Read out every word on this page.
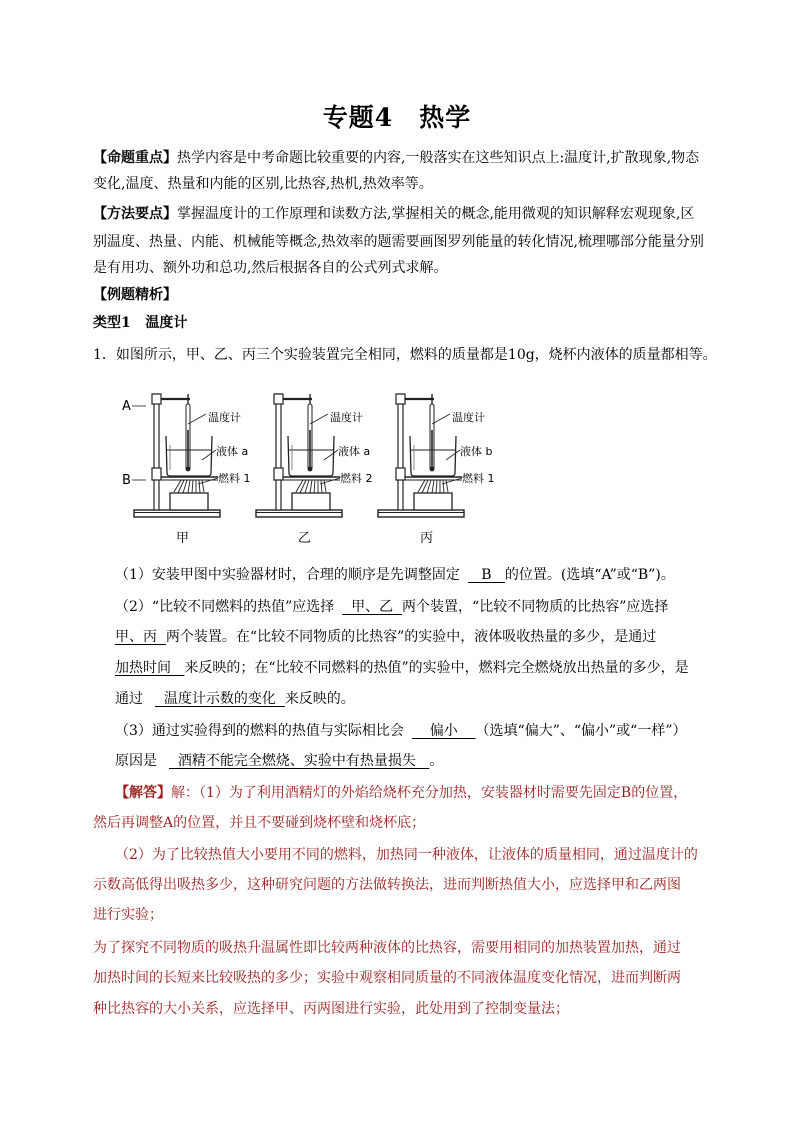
专题4 热学
【命题重点】热学内容是中考命题比较重要的内容,一般落实在这些知识点上:温度计,扩散现象,物态
变化,温度、热量和内能的区别,比热容,热机,热效率等。
【方法要点】掌握温度计的工作原理和读数方法,掌握相关的概念,能用微观的知识解释宏观现象,区
别温度、热量、内能、机械能等概念,热效率的题需要画图罗列能量的转化情况,梳理哪部分能量分别
是有用功、额外功和总功,然后根据各自的公式列式求解。
【例题精析】
类型1   温度计
1．如图所示，甲、乙、丙三个实验装置完全相同，燃料的质量都是10g，烧杯内液体的质量都相等。
A
B
温度计
液体 a
燃料 1
甲
温度计
液体 a
燃料 2
乙
温度计
液体 b
燃料 1
丙
（1）安装甲图中实验器材时，合理的顺序是先调整固定 B 的位置。(选填“A”或“B”)。
（2）“比较不同燃料的热值”应选择 甲、乙 两个装置，“比较不同物质的比热容”应选择
甲、丙 两个装置。在“比较不同物质的比热容”的实验中，液体吸收热量的多少，是通过
加热时间 来反映的；在“比较不同燃料的热值”的实验中，燃料完全燃烧放出热量的多少，是
通过 温度计示数的变化 来反映的。
（3）通过实验得到的燃料的热值与实际相比会 偏小 （选填“偏大”、“偏小”或“一样”）
原因是 酒精不能完全燃烧、实验中有热量损失 。
【解答】解：（1）为了利用酒精灯的外焰给烧杯充分加热，安装器材时需要先固定B的位置，
然后再调整A的位置，并且不要碰到烧杯壁和烧杯底；
（2）为了比较热值大小要用不同的燃料，加热同一种液体，让液体的质量相同，通过温度计的
示数高低得出吸热多少，这种研究问题的方法做转换法，进而判断热值大小，应选择甲和乙两图
进行实验；
为了探究不同物质的吸热升温属性即比较两种液体的比热容，需要用相同的加热装置加热，通过
加热时间的长短来比较吸热的多少；实验中观察相同质量的不同液体温度变化情况，进而判断两
种比热容的大小关系，应选择甲、丙两图进行实验，此处用到了控制变量法；
